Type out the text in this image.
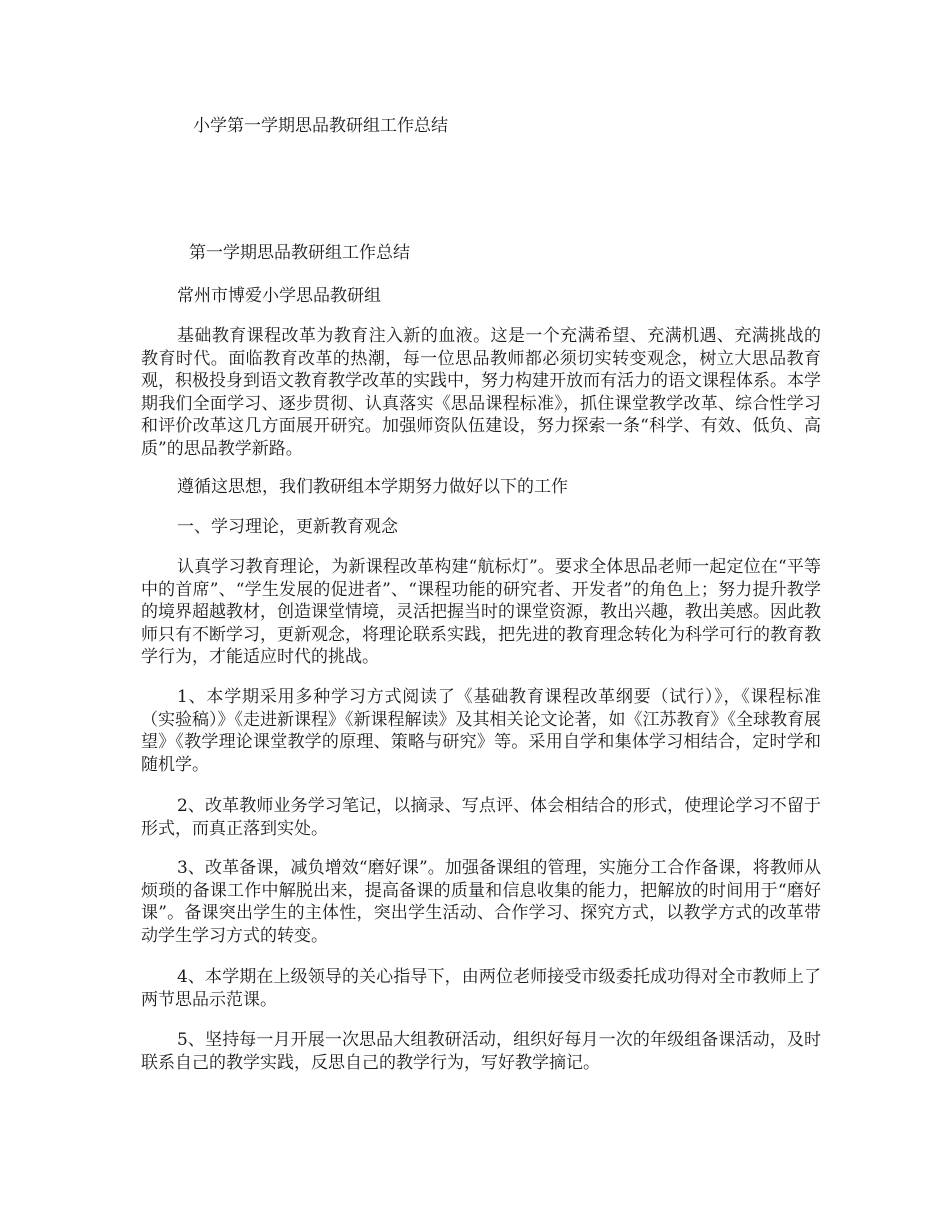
小学第一学期思品教研组工作总结
第一学期思品教研组工作总结
常州市博爱小学思品教研组

基础教育课程改革为教育注入新的血液。这是一个充满希望、充满机遇、充满挑战的教育时代。面临教育改革的热潮，每一位思品教师都必须切实转变观念，树立大思品教育观，积极投身到语文教育教学改革的实践中，努力构建开放而有活力的语文课程体系。本学期我们全面学习、逐步贯彻、认真落实《思品课程标准》，抓住课堂教学改革、综合性学习和评价改革这几方面展开研究。加强师资队伍建设，努力探索一条“科学、有效、低负、高质”的思品教学新路。

遵循这思想，我们教研组本学期努力做好以下的工作
一、学习理论，更新教育观念

认真学习教育理论，为新课程改革构建“航标灯”。要求全体思品老师一起定位在“平等中的首席”、“学生发展的促进者”、“课程功能的研究者、开发者”的角色上；努力提升教学的境界超越教材，创造课堂情境，灵活把握当时的课堂资源，教出兴趣，教出美感。因此教师只有不断学习，更新观念，将理论联系实践，把先进的教育理念转化为科学可行的教育教学行为，才能适应时代的挑战。

1、本学期采用多种学习方式阅读了《基础教育课程改革纲要（试行）》，《课程标准（实验稿）》《走进新课程》《新课程解读》及其相关论文论著，如《江苏教育》《全球教育展望》《教学理论课堂教学的原理、策略与研究》等。采用自学和集体学习相结合，定时学和随机学。

2、改革教师业务学习笔记，以摘录、写点评、体会相结合的形式，使理论学习不留于形式，而真正落到实处。

3、改革备课，减负增效“磨好课”。加强备课组的管理，实施分工合作备课，将教师从烦琐的备课工作中解脱出来，提高备课的质量和信息收集的能力，把解放的时间用于“磨好课”。备课突出学生的主体性，突出学生活动、合作学习、探究方式，以教学方式的改革带动学生学习方式的转变。

4、本学期在上级领导的关心指导下，由两位老师接受市级委托成功得对全市教师上了两节思品示范课。

5、坚持每一月开展一次思品大组教研活动，组织好每月一次的年级组备课活动，及时联系自己的教学实践，反思自己的教学行为，写好教学摘记。
